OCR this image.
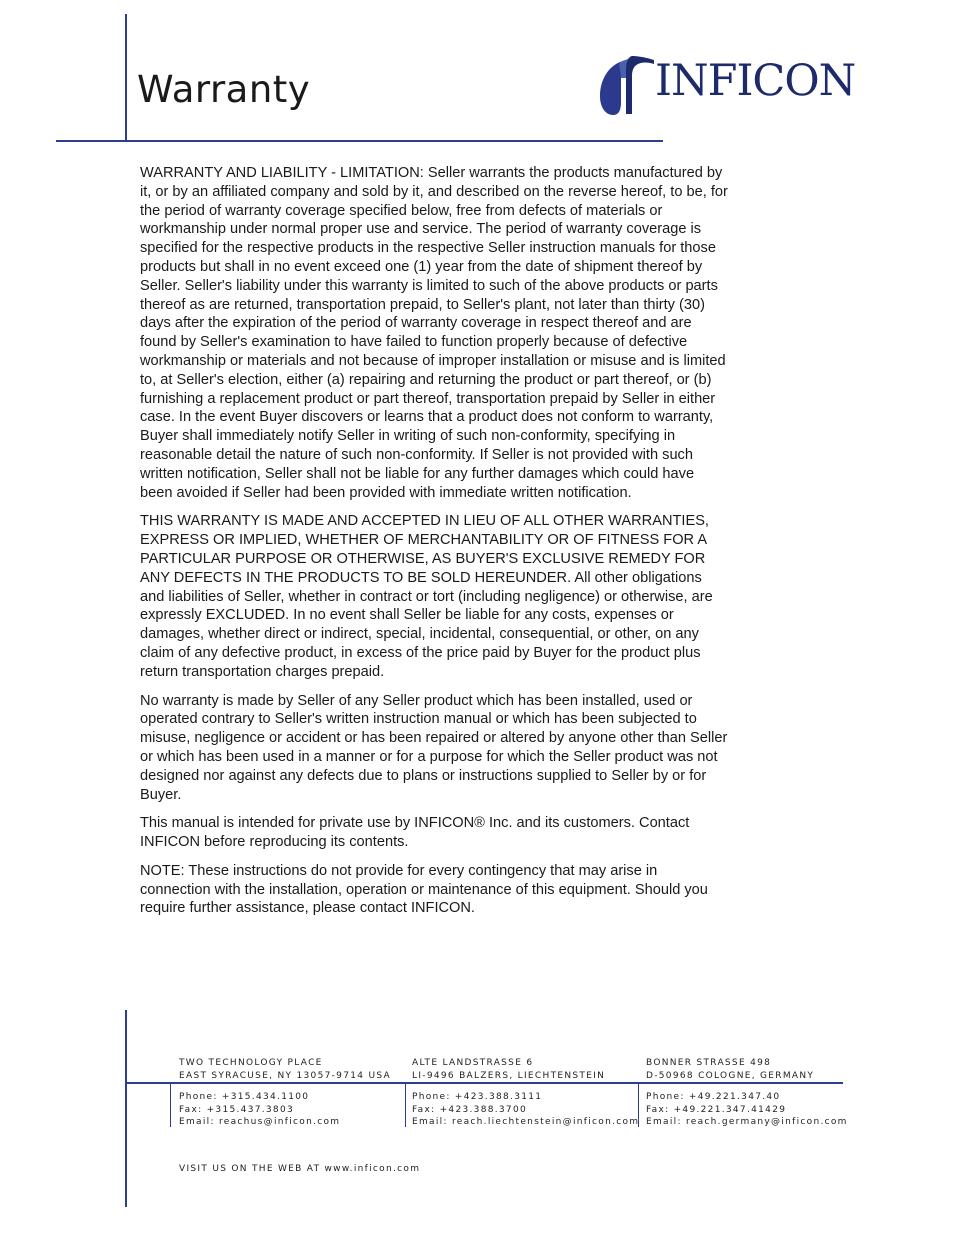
Warranty	INFICON

WARRANTY AND LIABILITY - LIMITATION: Seller warrants the products manufactured by it, or by an affiliated company and sold by it, and described on the reverse hereof, to be, for the period of warranty coverage specified below, free from defects of materials or workmanship under normal proper use and service. The period of warranty coverage is specified for the respective products in the respective Seller instruction manuals for those products but shall in no event exceed one (1) year from the date of shipment thereof by Seller. Seller's liability under this warranty is limited to such of the above products or parts thereof as are returned, transportation prepaid, to Seller's plant, not later than thirty (30) days after the expiration of the period of warranty coverage in respect thereof and are found by Seller's examination to have failed to function properly because of defective workmanship or materials and not because of improper installation or misuse and is limited to, at Seller's election, either (a) repairing and returning the product or part thereof, or (b) furnishing a replacement product or part thereof, transportation prepaid by Seller in either case. In the event Buyer discovers or learns that a product does not conform to warranty, Buyer shall immediately notify Seller in writing of such non-conformity, specifying in reasonable detail the nature of such non-conformity. If Seller is not provided with such written notification, Seller shall not be liable for any further damages which could have been avoided if Seller had been provided with immediate written notification.

THIS WARRANTY IS MADE AND ACCEPTED IN LIEU OF ALL OTHER WARRANTIES, EXPRESS OR IMPLIED, WHETHER OF MERCHANTABILITY OR OF FITNESS FOR A PARTICULAR PURPOSE OR OTHERWISE, AS BUYER'S EXCLUSIVE REMEDY FOR ANY DEFECTS IN THE PRODUCTS TO BE SOLD HEREUNDER. All other obligations and liabilities of Seller, whether in contract or tort (including negligence) or otherwise, are expressly EXCLUDED. In no event shall Seller be liable for any costs, expenses or damages, whether direct or indirect, special, incidental, consequential, or other, on any claim of any defective product, in excess of the price paid by Buyer for the product plus return transportation charges prepaid.

No warranty is made by Seller of any Seller product which has been installed, used or operated contrary to Seller's written instruction manual or which has been subjected to misuse, negligence or accident or has been repaired or altered by anyone other than Seller or which has been used in a manner or for a purpose for which the Seller product was not designed nor against any defects due to plans or instructions supplied to Seller by or for Buyer.

This manual is intended for private use by INFICON® Inc. and its customers. Contact INFICON before reproducing its contents.

NOTE: These instructions do not provide for every contingency that may arise in connection with the installation, operation or maintenance of this equipment. Should you require further assistance, please contact INFICON.

TWO TECHNOLOGY PLACE
EAST SYRACUSE, NY 13057-9714 USA
ALTE LANDSTRASSE 6
LI-9496 BALZERS, LIECHTENSTEIN
BONNER STRASSE 498
D-50968 COLOGNE, GERMANY
Phone: +315.434.1100
Fax: +315.437.3803
Email: reachus@inficon.com
Phone: +423.388.3111
Fax: +423.388.3700
Email: reach.liechtenstein@inficon.com
Phone: +49.221.347.40
Fax: +49.221.347.41429
Email: reach.germany@inficon.com
VISIT US ON THE WEB AT www.inficon.com
